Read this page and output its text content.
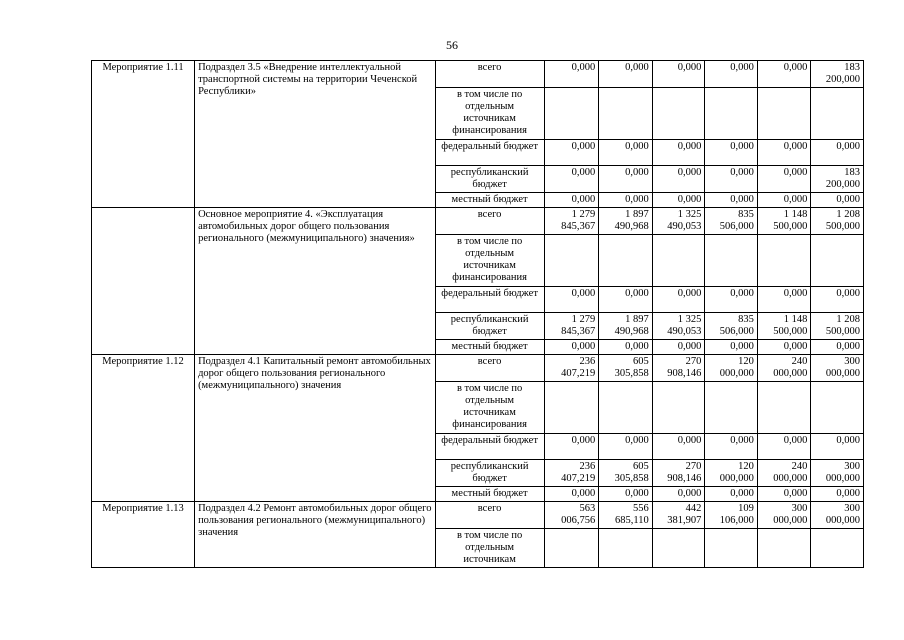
56
Мероприятие 1.11	Подраздел 3.5 «Внедрение интеллектуальной транспортной системы на территории Чеченской Республики»	всего	0,000	0,000	0,000	0,000	0,000	183 200,000
		в том числе по отдельным источникам финансирования						
		федеральный бюджет	0,000	0,000	0,000	0,000	0,000	0,000
		республиканский бюджет	0,000	0,000	0,000	0,000	0,000	183 200,000
		местный бюджет	0,000	0,000	0,000	0,000	0,000	0,000
	Основное мероприятие 4. «Эксплуатация автомобильных дорог общего пользования регионального (межмуниципального) значения»	всего	1 279 845,367	1 897 490,968	1 325 490,053	835 506,000	1 148 500,000	1 208 500,000
		в том числе по отдельным источникам финансирования						
		федеральный бюджет	0,000	0,000	0,000	0,000	0,000	0,000
		республиканский бюджет	1 279 845,367	1 897 490,968	1 325 490,053	835 506,000	1 148 500,000	1 208 500,000
		местный бюджет	0,000	0,000	0,000	0,000	0,000	0,000
Мероприятие 1.12	Подраздел 4.1 Капитальный ремонт автомобильных дорог общего пользования регионального (межмуниципального) значения	всего	236 407,219	605 305,858	270 908,146	120 000,000	240 000,000	300 000,000
		в том числе по отдельным источникам финансирования						
		федеральный бюджет	0,000	0,000	0,000	0,000	0,000	0,000
		республиканский бюджет	236 407,219	605 305,858	270 908,146	120 000,000	240 000,000	300 000,000
		местный бюджет	0,000	0,000	0,000	0,000	0,000	0,000
Мероприятие 1.13	Подраздел 4.2 Ремонт автомобильных дорог общего пользования регионального (межмуниципального) значения	всего	563 006,756	556 685,110	442 381,907	109 106,000	300 000,000	300 000,000
		в том числе по отдельным источникам						
